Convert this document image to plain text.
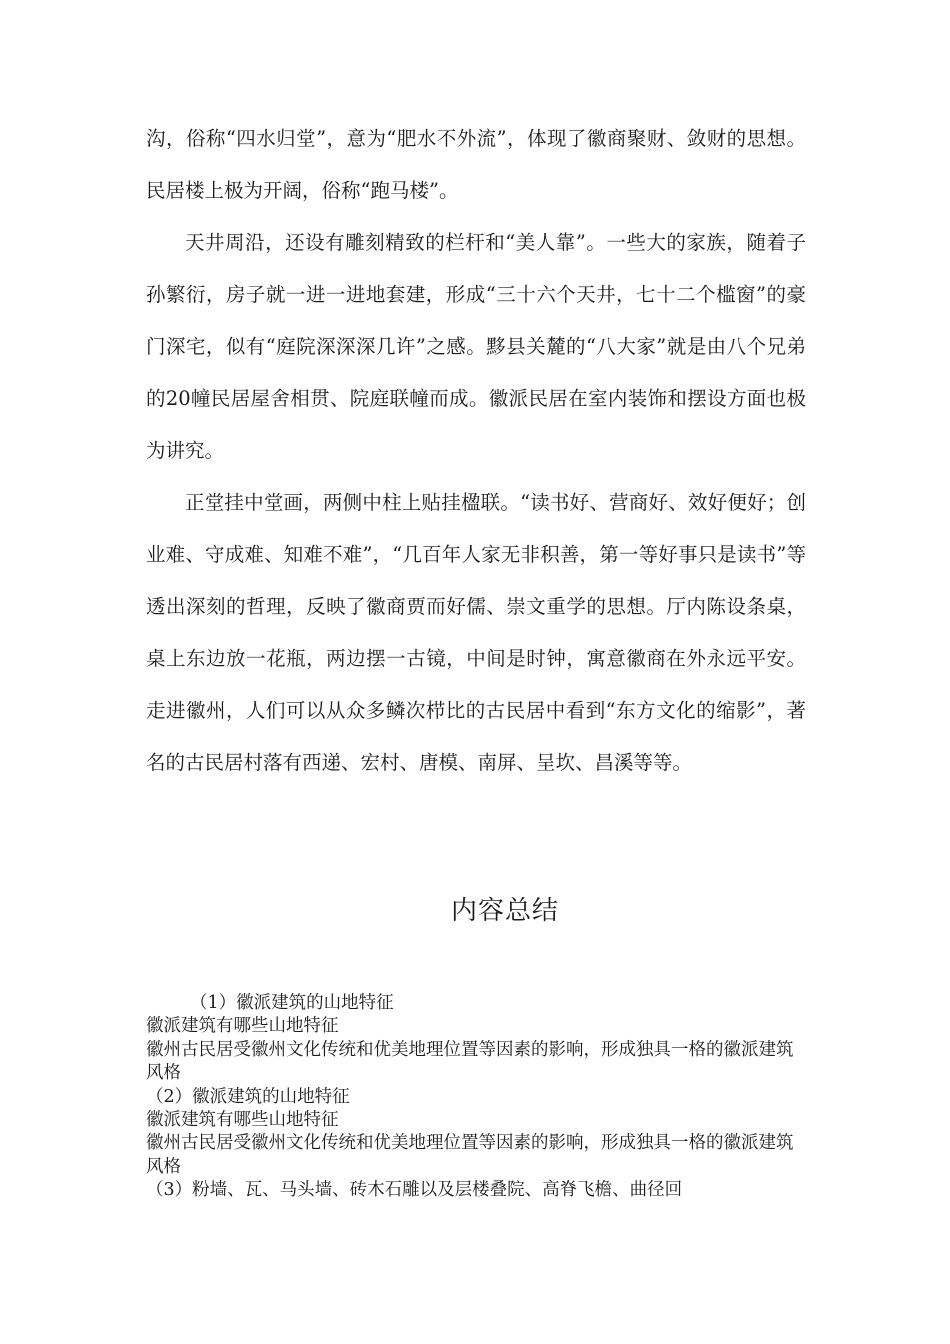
沟，俗称“四水归堂”，意为“肥水不外流”，体现了徽商聚财、敛财的思想。民居楼上极为开阔，俗称“跑马楼”。

天井周沿，还设有雕刻精致的栏杆和“美人靠”。一些大的家族，随着子孙繁衍，房子就一进一进地套建，形成“三十六个天井，七十二个槛窗”的豪门深宅，似有“庭院深深深几许”之感。黟县关麓的“八大家”就是由八个兄弟的20幢民居屋舍相贯、院庭联幢而成。徽派民居在室内装饰和摆设方面也极为讲究。

正堂挂中堂画，两侧中柱上贴挂楹联。“读书好、营商好、效好便好；创业难、守成难、知难不难”，“几百年人家无非积善，第一等好事只是读书”等透出深刻的哲理，反映了徽商贾而好儒、崇文重学的思想。厅内陈设条桌，桌上东边放一花瓶，两边摆一古镜，中间是时钟，寓意徽商在外永远平安。走进徽州，人们可以从众多鳞次栉比的古民居中看到“东方文化的缩影”，著名的古民居村落有西递、宏村、唐模、南屏、呈坎、昌溪等等。

内容总结

（1）徽派建筑的山地特征

徽派建筑有哪些山地特征

徽州古民居受徽州文化传统和优美地理位置等因素的影响，形成独具一格的徽派建筑风格

（2）徽派建筑的山地特征

徽派建筑有哪些山地特征

徽州古民居受徽州文化传统和优美地理位置等因素的影响，形成独具一格的徽派建筑风格

（3）粉墙、瓦、马头墙、砖木石雕以及层楼叠院、高脊飞檐、曲径回
